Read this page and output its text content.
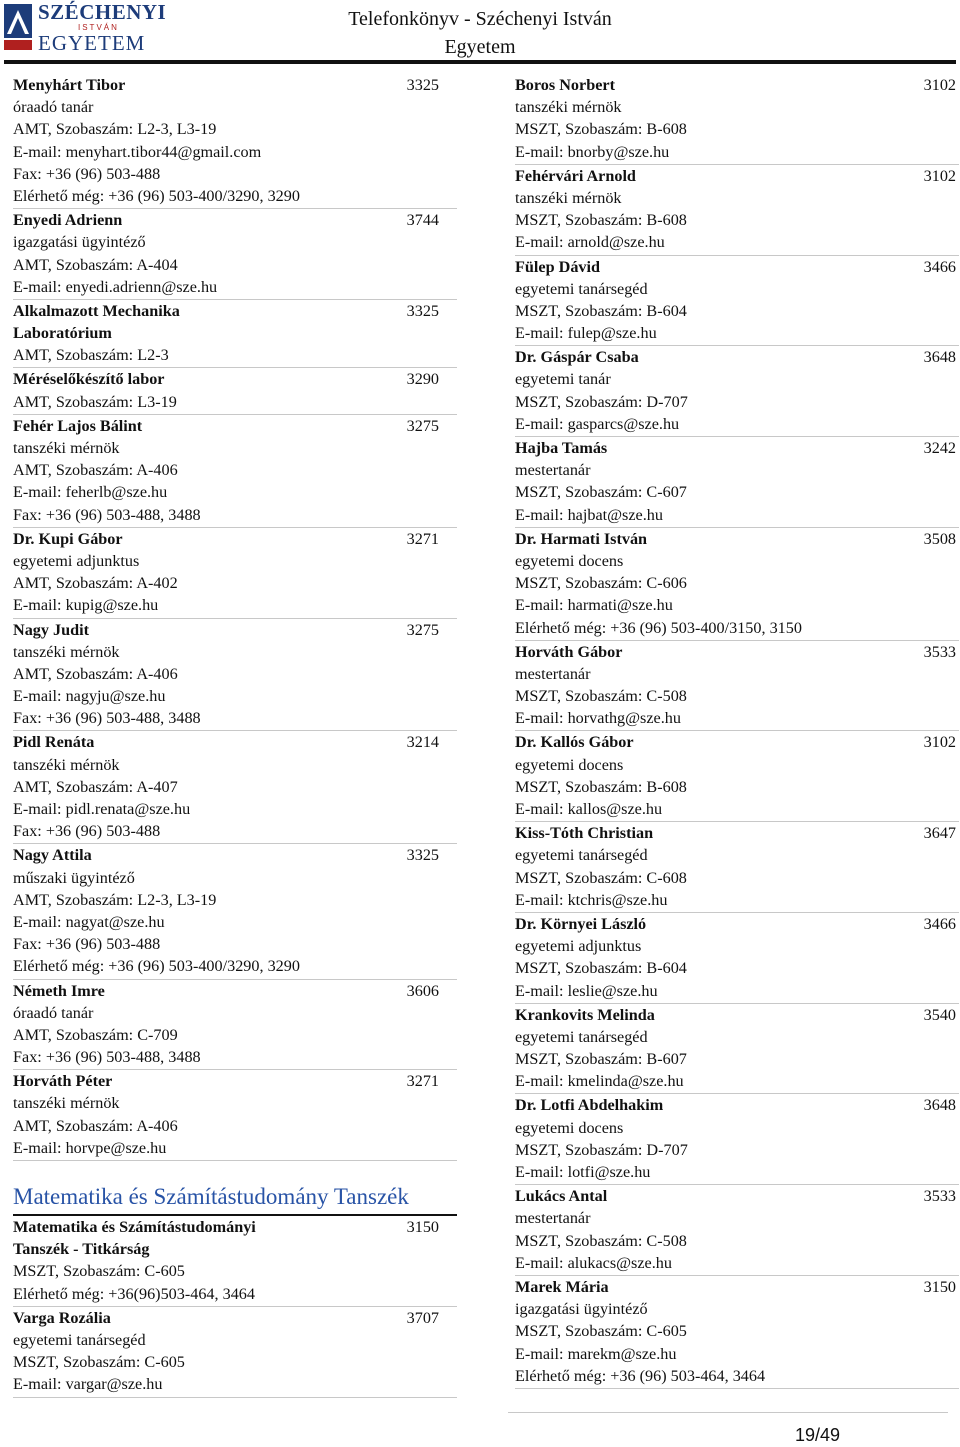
SZÉCHENYI
ISTVÁN
EGYETEM
Telefonkönyv - Széchenyi István
Egyetem
Menyhárt Tibor	3325
óraadó tanár
AMT, Szobaszám: L2-3, L3-19
E-mail: menyhart.tibor44@gmail.com
Fax: +36 (96) 503-488
Elérhető még: +36 (96) 503-400/3290, 3290
Enyedi Adrienn	3744
igazgatási ügyintéző
AMT, Szobaszám: A-404
E-mail: enyedi.adrienn@sze.hu
Alkalmazott Mechanika	3325
Laboratórium
AMT, Szobaszám: L2-3
Méréselőkészítő labor	3290
AMT, Szobaszám: L3-19
Fehér Lajos Bálint	3275
tanszéki mérnök
AMT, Szobaszám: A-406
E-mail: feherlb@sze.hu
Fax: +36 (96) 503-488, 3488
Dr. Kupi Gábor	3271
egyetemi adjunktus
AMT, Szobaszám: A-402
E-mail: kupig@sze.hu
Nagy Judit	3275
tanszéki mérnök
AMT, Szobaszám: A-406
E-mail: nagyju@sze.hu
Fax: +36 (96) 503-488, 3488
Pidl Renáta	3214
tanszéki mérnök
AMT, Szobaszám: A-407
E-mail: pidl.renata@sze.hu
Fax: +36 (96) 503-488
Nagy Attila	3325
műszaki ügyintéző
AMT, Szobaszám: L2-3, L3-19
E-mail: nagyat@sze.hu
Fax: +36 (96) 503-488
Elérhető még: +36 (96) 503-400/3290, 3290
Németh Imre	3606
óraadó tanár
AMT, Szobaszám: C-709
Fax: +36 (96) 503-488, 3488
Horváth Péter	3271
tanszéki mérnök
AMT, Szobaszám: A-406
E-mail: horvpe@sze.hu
Matematika és Számítástudomány Tanszék
Matematika és Számítástudományi	3150
Tanszék - Titkárság
MSZT, Szobaszám: C-605
Elérhető még: +36(96)503-464, 3464
Varga Rozália	3707
egyetemi tanársegéd
MSZT, Szobaszám: C-605
E-mail: vargar@sze.hu
Boros Norbert	3102
tanszéki mérnök
MSZT, Szobaszám: B-608
E-mail: bnorby@sze.hu
Fehérvári Arnold	3102
tanszéki mérnök
MSZT, Szobaszám: B-608
E-mail: arnold@sze.hu
Fülep Dávid	3466
egyetemi tanársegéd
MSZT, Szobaszám: B-604
E-mail: fulep@sze.hu
Dr. Gáspár Csaba	3648
egyetemi tanár
MSZT, Szobaszám: D-707
E-mail: gasparcs@sze.hu
Hajba Tamás	3242
mestertanár
MSZT, Szobaszám: C-607
E-mail: hajbat@sze.hu
Dr. Harmati István	3508
egyetemi docens
MSZT, Szobaszám: C-606
E-mail: harmati@sze.hu
Elérhető még: +36 (96) 503-400/3150, 3150
Horváth Gábor	3533
mestertanár
MSZT, Szobaszám: C-508
E-mail: horvathg@sze.hu
Dr. Kallós Gábor	3102
egyetemi docens
MSZT, Szobaszám: B-608
E-mail: kallos@sze.hu
Kiss-Tóth Christian	3647
egyetemi tanársegéd
MSZT, Szobaszám: C-608
E-mail: ktchris@sze.hu
Dr. Környei László	3466
egyetemi adjunktus
MSZT, Szobaszám: B-604
E-mail: leslie@sze.hu
Krankovits Melinda	3540
egyetemi tanársegéd
MSZT, Szobaszám: B-607
E-mail: kmelinda@sze.hu
Dr. Lotfi Abdelhakim	3648
egyetemi docens
MSZT, Szobaszám: D-707
E-mail: lotfi@sze.hu
Lukács Antal	3533
mestertanár
MSZT, Szobaszám: C-508
E-mail: alukacs@sze.hu
Marek Mária	3150
igazgatási ügyintéző
MSZT, Szobaszám: C-605
E-mail: marekm@sze.hu
Elérhető még: +36 (96) 503-464, 3464
19/49
